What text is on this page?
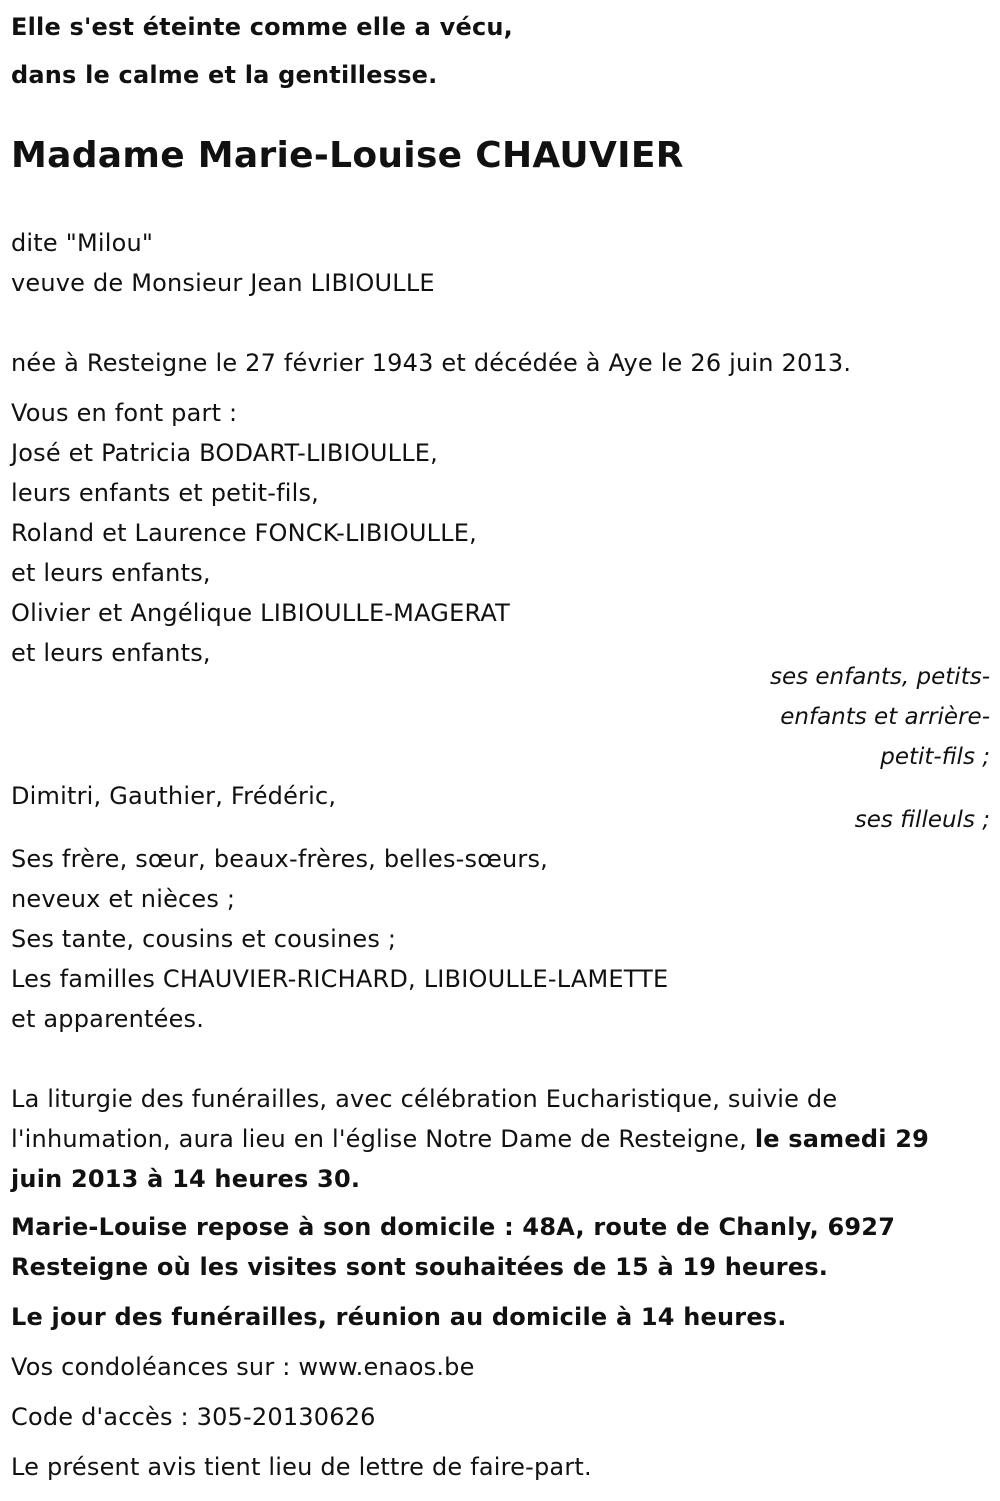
Elle s'est éteinte comme elle a vécu,
dans le calme et la gentillesse.
Madame Marie-Louise CHAUVIER
dite "Milou"
veuve de Monsieur Jean LIBIOULLE
née à Resteigne le 27 février 1943 et décédée à Aye le 26 juin 2013.
Vous en font part :
José et Patricia BODART-LIBIOULLE,
leurs enfants et petit-fils,
Roland et Laurence FONCK-LIBIOULLE,
et leurs enfants,
Olivier et Angélique LIBIOULLE-MAGERAT
et leurs enfants,
ses enfants, petits-
enfants et arrière-
petit-fils ;
Dimitri, Gauthier, Frédéric,
ses filleuls ;
Ses frère, sœur, beaux-frères, belles-sœurs,
neveux et nièces ;
Ses tante, cousins et cousines ;
Les familles CHAUVIER-RICHARD, LIBIOULLE-LAMETTE
et apparentées.
La liturgie des funérailles, avec célébration Eucharistique, suivie de
l'inhumation, aura lieu en l'église Notre Dame de Resteigne, le samedi 29
juin 2013 à 14 heures 30.
Marie-Louise repose à son domicile : 48A, route de Chanly, 6927
Resteigne où les visites sont souhaitées de 15 à 19 heures.
Le jour des funérailles, réunion au domicile à 14 heures.
Vos condoléances sur : www.enaos.be
Code d'accès : 305-20130626
Le présent avis tient lieu de lettre de faire-part.
